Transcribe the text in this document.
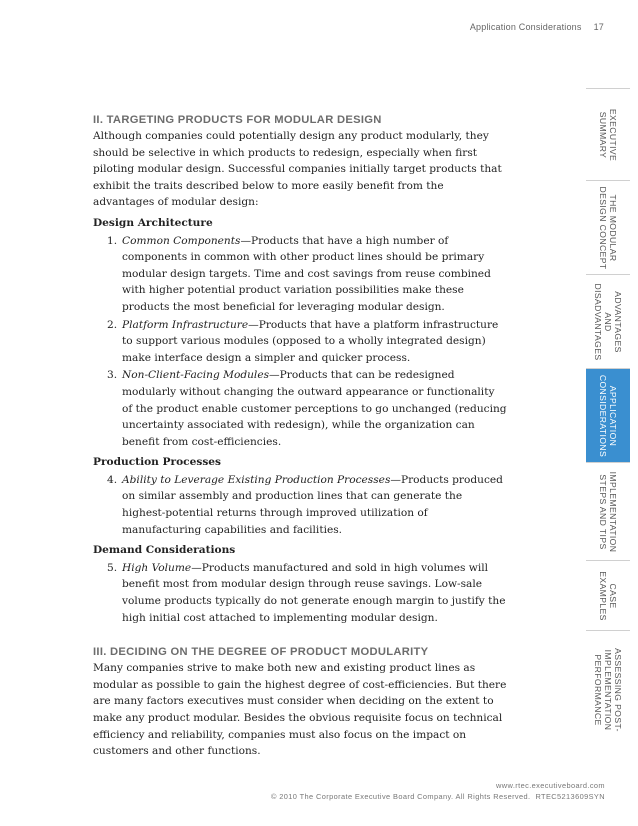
Application Considerations 17
II. TARGETING PRODUCTS FOR MODULAR DESIGN

Although companies could potentially design any product modularly, they should be selective in which products to redesign, especially when first piloting modular design. Successful companies initially target products that exhibit the traits described below to more easily benefit from the advantages of modular design:

Design Architecture

1. Common Components—Products that have a high number of components in common with other product lines should be primary modular design targets. Time and cost savings from reuse combined with higher potential product variation possibilities make these products the most beneficial for leveraging modular design.
2. Platform Infrastructure—Products that have a platform infrastructure to support various modules (opposed to a wholly integrated design) make interface design a simpler and quicker process.
3. Non-Client-Facing Modules—Products that can be redesigned modularly without changing the outward appearance or functionality of the product enable customer perceptions to go unchanged (reducing uncertainty associated with redesign), while the organization can benefit from cost-efficiencies.

Production Processes

4. Ability to Leverage Existing Production Processes—Products produced on similar assembly and production lines that can generate the highest-potential returns through improved utilization of manufacturing capabilities and facilities.

Demand Considerations

5. High Volume—Products manufactured and sold in high volumes will benefit most from modular design through reuse savings. Low-sale volume products typically do not generate enough margin to justify the high initial cost attached to implementing modular design.
III. DECIDING ON THE DEGREE OF PRODUCT MODULARITY

Many companies strive to make both new and existing product lines as modular as possible to gain the highest degree of cost-efficiencies. But there are many factors executives must consider when deciding on the extent to make any product modular. Besides the obvious requisite focus on technical efficiency and reliability, companies must also focus on the impact on customers and other functions.

EXECUTIVE
SUMMARY
THE MODULAR
DESIGN CONCEPT
ADVANTAGES
AND
DISADVANTAGES
APPLICATION
CONSIDERATIONS
IMPLEMENTATION
STEPS AND TIPS
CASE
EXAMPLES
ASSESSING POST-
IMPLEMENTATION
PERFORMANCE
www.rtec.executiveboard.com
© 2010 The Corporate Executive Board Company. All Rights Reserved. RTEC5213609SYN
